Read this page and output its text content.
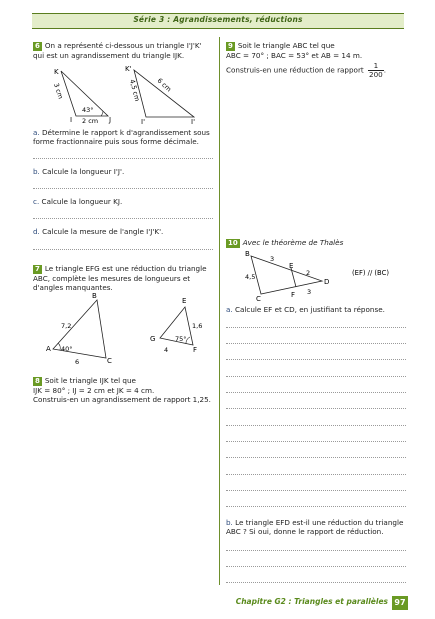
Série 3 : Agrandissements, réductions
6 On a représenté ci-dessous un triangle I'J'K' qui est un agrandissement du triangle IJK.
K
I	J
3 cm
2 cm
43°
K'
I'	J'
4,5 cm 6 cm
a. Détermine le rapport k d'agrandissement sous forme fractionnaire puis sous forme décimale.
b. Calcule la longueur I'J'.
c. Calcule la longueur KJ.
d. Calcule la mesure de l'angle I'J'K'.
7 Le triangle EFG est une réduction du triangle ABC, complète les mesures de longueurs et d'angles manquantes.
A
B
C
7,2
6
40°
E
F
G
1,6
4
75°

8 Soit le triangle IJK tel que

IJK = 80° ; IJ = 2 cm et JK = 4 cm.

Construis-en un agrandissement de rapport 1,25.

9 Soit le triangle ABC tel que

ABC = 70° ; BAC = 53° et AB = 14 m.

Construis-en une réduction de rapport $\frac{1}{200}$ .

10 Avec le théorème de Thalès
B
C
D
E
F
3
2
3
4,5	(EF) // (BC)
a. Calcule EF et CD, en justifiant ta réponse.
b. Le triangle EFD est-il une réduction du triangle ABC ? Si oui, donne le rapport de réduction.
Chapitre G2 : Triangles et parallèles 97
